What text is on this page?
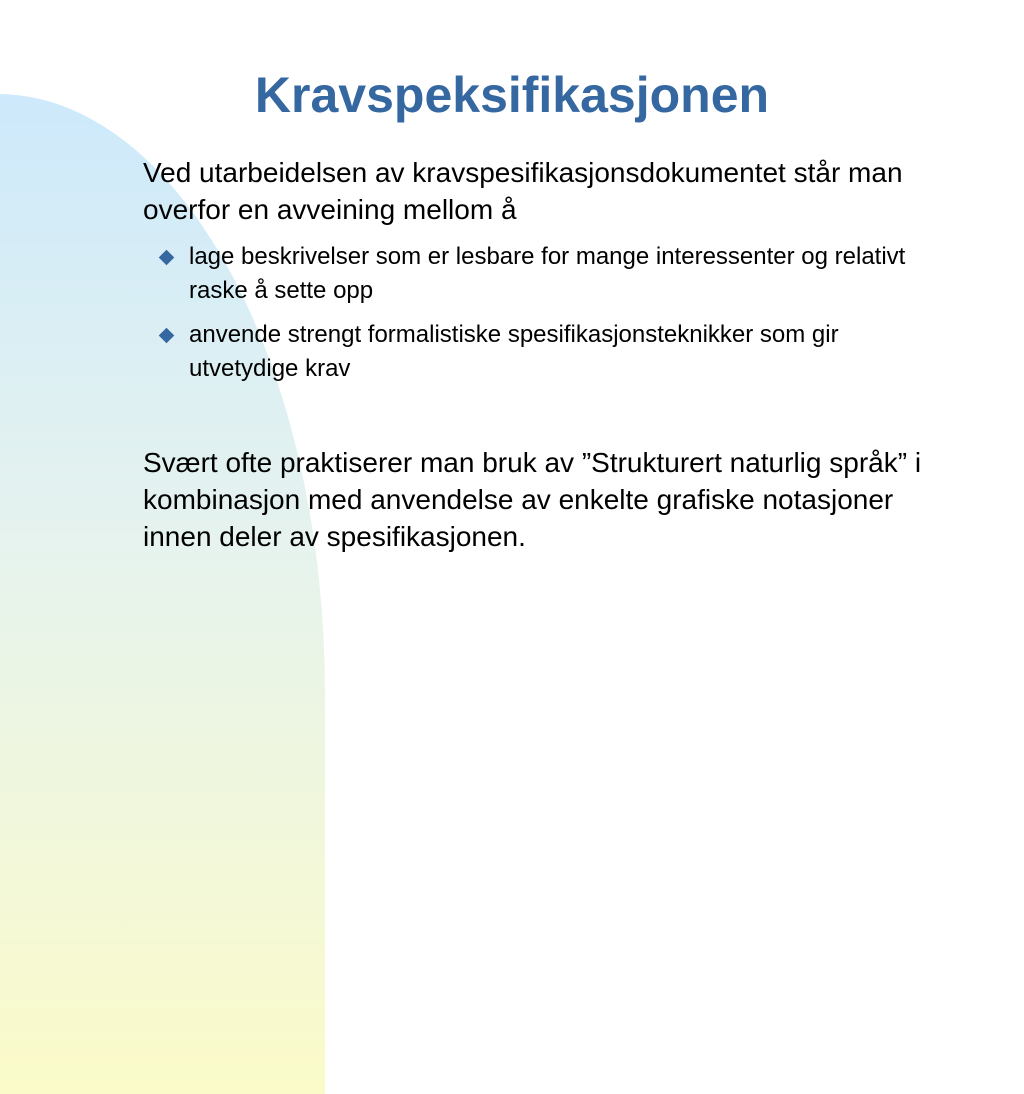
Kravspeksifikasjonen

Ved utarbeidelsen av kravspesifikasjonsdokumentet står man overfor en avveining mellom å

lage beskrivelser som er lesbare for mange interessenter og relativt raske å sette opp
anvende strengt formalistiske spesifikasjonsteknikker som gir utvetydige krav

Svært ofte praktiserer man bruk av ”Strukturert naturlig språk” i kombinasjon med anvendelse av enkelte grafiske notasjoner innen deler av spesifikasjonen.
